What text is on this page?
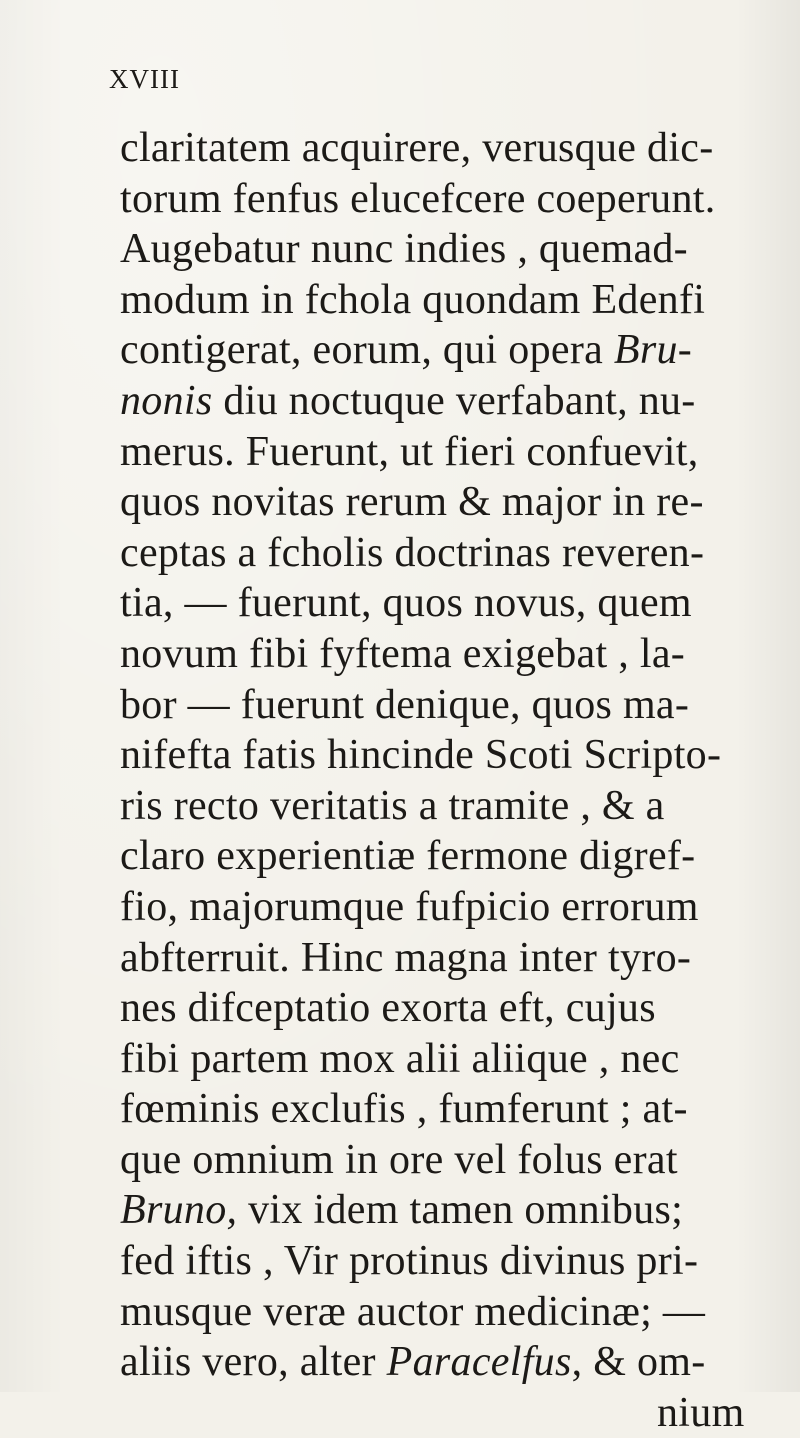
XVIII
claritatem acquirere, verusque dic-
torum fenfus elucefcere coeperunt.
Augebatur nunc indies , quemad-
modum in fchola quondam Edenfi
contigerat, eorum, qui opera Bru-
nonis diu noctuque verfabant, nu-
merus. Fuerunt, ut fieri confuevit,
quos novitas rerum & major in re-
ceptas a fcholis doctrinas reveren-
tia, — fuerunt, quos novus, quem
novum fibi fyftema exigebat , la-
bor — fuerunt denique, quos ma-
nifefta fatis hincinde Scoti Scripto-
ris recto veritatis a tramite , & a
claro experientiæ fermone digref-
fio, majorumque fufpicio errorum
abfterruit. Hinc magna inter tyro-
nes difceptatio exorta eft, cujus
fibi partem mox alii aliique , nec
fœminis exclufis , fumferunt ; at-
que omnium in ore vel folus erat
Bruno, vix idem tamen omnibus;
fed iftis , Vir protinus divinus pri-
musque veræ auctor medicinæ; —
aliis vero, alter Paracelfus, & om-
nium
